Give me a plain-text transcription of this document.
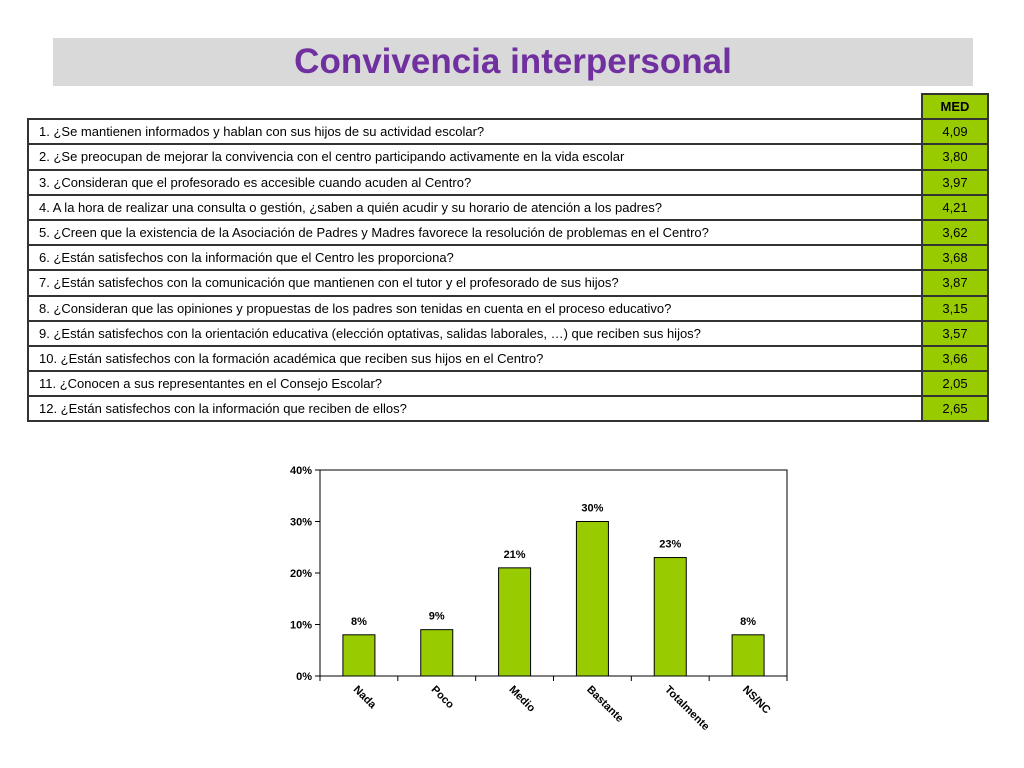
Convivencia interpersonal
	MED
1. ¿Se mantienen informados y hablan con sus hijos de su actividad escolar?	4,09
2. ¿Se preocupan de mejorar la convivencia con el centro participando activamente en la vida escolar	3,80
3. ¿Consideran que el profesorado es accesible cuando acuden al Centro?	3,97
4. A la hora de realizar una consulta o gestión, ¿saben a quién acudir y su horario de atención a los padres?	4,21
5. ¿Creen que la existencia de la Asociación de Padres y Madres favorece la resolución de problemas en el Centro?	3,62
6. ¿Están satisfechos con la información que el Centro les proporciona?	3,68
7. ¿Están satisfechos con la comunicación que mantienen con el tutor y el profesorado de sus hijos?	3,87
8. ¿Consideran que las opiniones y propuestas de los padres son tenidas en cuenta en el proceso educativo?	3,15
9. ¿Están satisfechos con la orientación educativa (elección optativas, salidas laborales, …) que reciben sus hijos?	3,57
10. ¿Están satisfechos con la formación académica que reciben sus hijos en el Centro?	3,66
11. ¿Conocen a sus representantes en el Consejo Escolar?	2,05
12. ¿Están satisfechos con la información que reciben de ellos?	2,65
0%
10%
20%
30%
40%
8%
Nada
9%
Poco
21%
Medio
30%
Bastante
23%
Totalmente
8%
NS/NC
